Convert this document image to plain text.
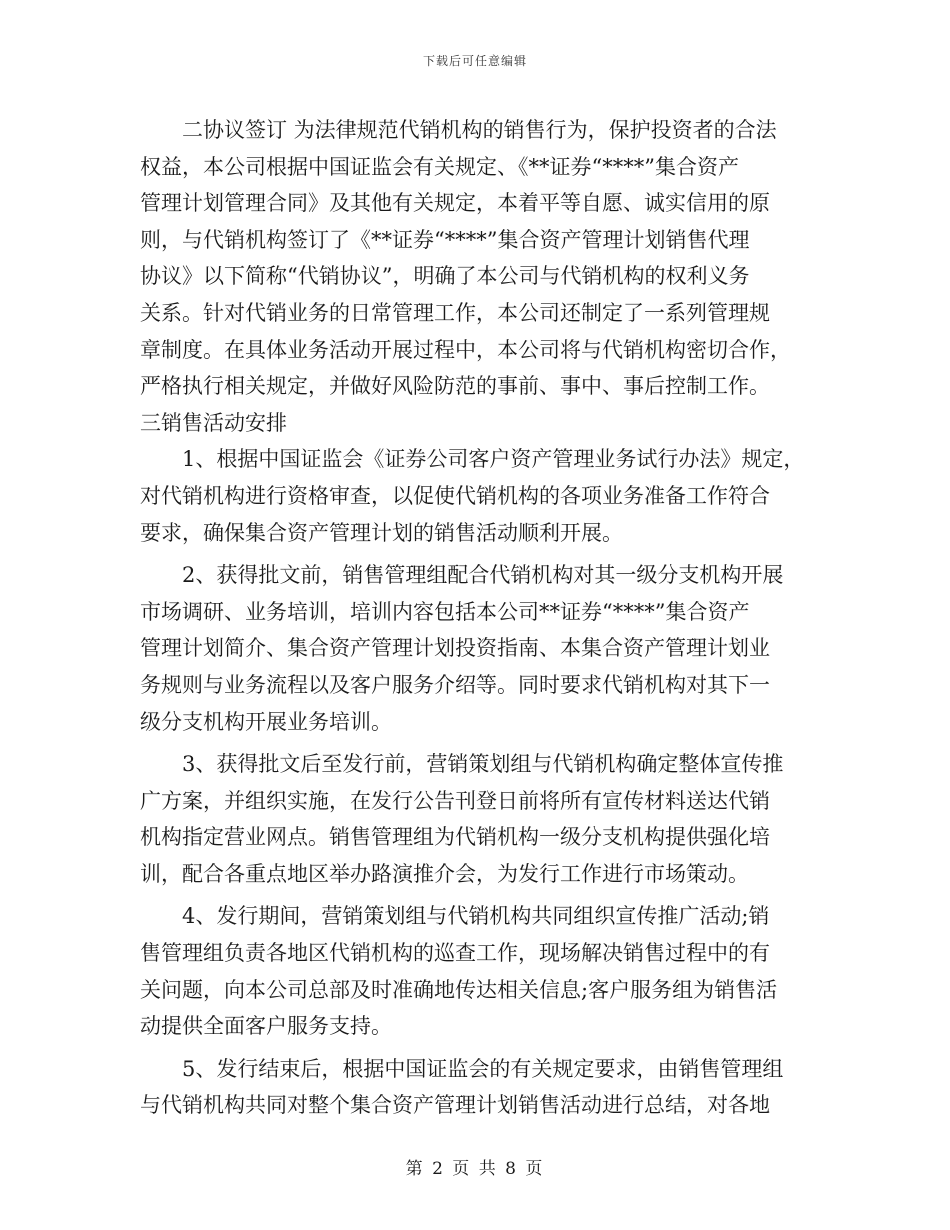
下载后可任意编辑
二协议签订 为法律规范代销机构的销售行为，保护投资者的合法
权益，本公司根据中国证监会有关规定、《**证券“****”集合资产
管理计划管理合同》及其他有关规定，本着平等自愿、诚实信用的原
则，与代销机构签订了《**证券“****”集合资产管理计划销售代理
协议》以下简称“代销协议”，明确了本公司与代销机构的权利义务
关系。针对代销业务的日常管理工作，本公司还制定了一系列管理规
章制度。在具体业务活动开展过程中，本公司将与代销机构密切合作，
严格执行相关规定，并做好风险防范的事前、事中、事后控制工作。
三销售活动安排
1、根据中国证监会《证券公司客户资产管理业务试行办法》规定，
对代销机构进行资格审查，以促使代销机构的各项业务准备工作符合
要求，确保集合资产管理计划的销售活动顺利开展。
2、获得批文前，销售管理组配合代销机构对其一级分支机构开展
市场调研、业务培训，培训内容包括本公司**证券“****”集合资产
管理计划简介、集合资产管理计划投资指南、本集合资产管理计划业
务规则与业务流程以及客户服务介绍等。同时要求代销机构对其下一
级分支机构开展业务培训。
3、获得批文后至发行前，营销策划组与代销机构确定整体宣传推
广方案，并组织实施，在发行公告刊登日前将所有宣传材料送达代销
机构指定营业网点。销售管理组为代销机构一级分支机构提供强化培
训，配合各重点地区举办路演推介会，为发行工作进行市场策动。
4、发行期间，营销策划组与代销机构共同组织宣传推广活动;销
售管理组负责各地区代销机构的巡查工作，现场解决销售过程中的有
关问题，向本公司总部及时准确地传达相关信息;客户服务组为销售活
动提供全面客户服务支持。
5、发行结束后，根据中国证监会的有关规定要求，由销售管理组
与代销机构共同对整个集合资产管理计划销售活动进行总结，对各地
第 2 页 共 8 页
